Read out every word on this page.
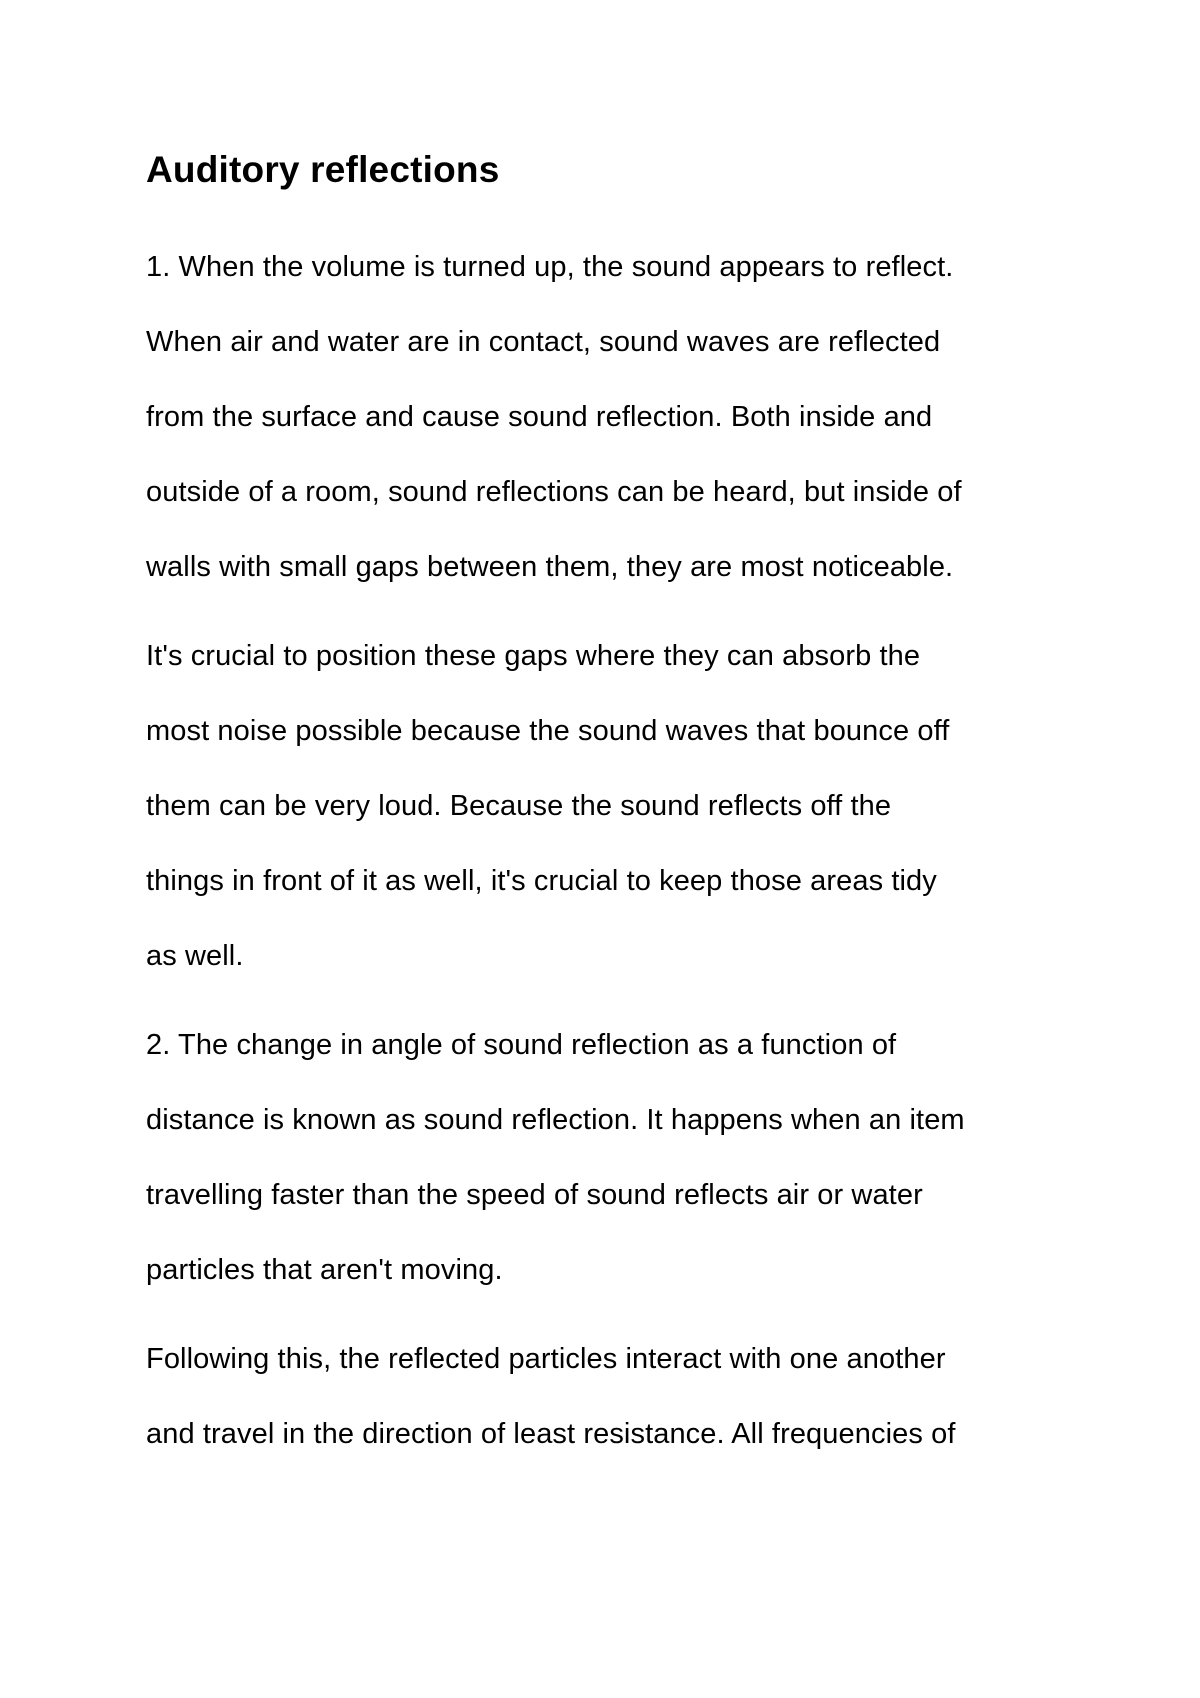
Auditory reflections

1. When the volume is turned up, the sound appears to reflect.
When air and water are in contact, sound waves are reflected
from the surface and cause sound reflection. Both inside and
outside of a room, sound reflections can be heard, but inside of
walls with small gaps between them, they are most noticeable.

It's crucial to position these gaps where they can absorb the
most noise possible because the sound waves that bounce off
them can be very loud. Because the sound reflects off the
things in front of it as well, it's crucial to keep those areas tidy
as well.

2. The change in angle of sound reflection as a function of
distance is known as sound reflection. It happens when an item
travelling faster than the speed of sound reflects air or water
particles that aren't moving.

Following this, the reflected particles interact with one another
and travel in the direction of least resistance. All frequencies of
